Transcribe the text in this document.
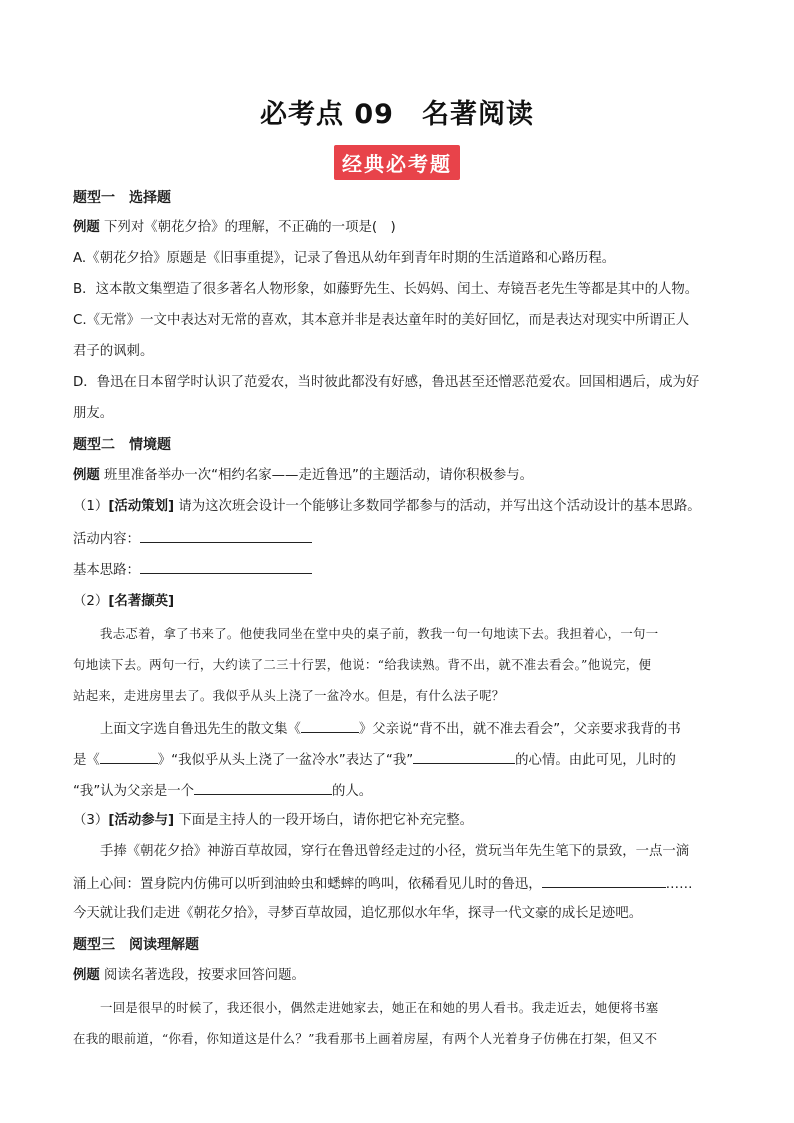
必考点 09　名著阅读
经典必考题
题型一　选择题
例题 下列对《朝花夕拾》的理解，不正确的一项是(　)
A.《朝花夕拾》原题是《旧事重提》，记录了鲁迅从幼年到青年时期的生活道路和心路历程。
B．这本散文集塑造了很多著名人物形象，如藤野先生、长妈妈、闰土、寿镜吾老先生等都是其中的人物。
C.《无常》一文中表达对无常的喜欢，其本意并非是表达童年时的美好回忆，而是表达对现实中所谓正人
君子的讽刺。
D．鲁迅在日本留学时认识了范爱农，当时彼此都没有好感，鲁迅甚至还憎恶范爱农。回国相遇后，成为好
朋友。
题型二　情境题
例题 班里准备举办一次“相约名家——走近鲁迅”的主题活动，请你积极参与。
（1）[活动策划] 请为这次班会设计一个能够让多数同学都参与的活动，并写出这个活动设计的基本思路。
活动内容：
基本思路：
（2）[名著撷英]
我忐忑着，拿了书来了。他使我同坐在堂中央的桌子前，教我一句一句地读下去。我担着心，一句一
句地读下去。两句一行，大约读了二三十行罢，他说：“给我读熟。背不出，就不准去看会。”他说完，便
站起来，走进房里去了。我似乎从头上浇了一盆冷水。但是，有什么法子呢？
上面文字选自鲁迅先生的散文集《	》父亲说“背不出，就不准去看会”，父亲要求我背的书
是《	》“我似乎从头上浇了一盆冷水”表达了“我”	的心情。由此可见，儿时的
“我”认为父亲是一个	的人。
（3）[活动参与] 下面是主持人的一段开场白，请你把它补充完整。
手捧《朝花夕拾》神游百草故园，穿行在鲁迅曾经走过的小径，赏玩当年先生笔下的景致，一点一滴
涌上心间：置身院内仿佛可以听到油蛉虫和蟋蟀的鸣叫，依稀看见儿时的鲁迅，	……
今天就让我们走进《朝花夕拾》，寻梦百草故园，追忆那似水年华，探寻一代文豪的成长足迹吧。
题型三　阅读理解题
例题 阅读名著选段，按要求回答问题。
一回是很早的时候了，我还很小，偶然走进她家去，她正在和她的男人看书。我走近去，她便将书塞
在我的眼前道，“你看，你知道这是什么？”我看那书上画着房屋，有两个人光着身子仿佛在打架，但又不
